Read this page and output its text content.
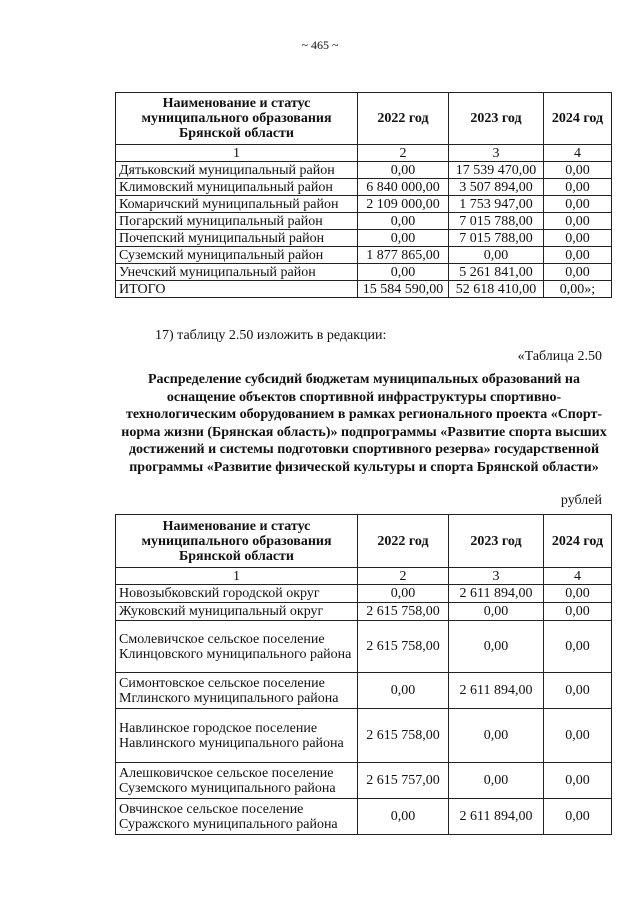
~ 465 ~
Наименование и статус муниципального образования Брянской области	2022 год	2023 год	2024 год
1	2	3	4
Дятьковский муниципальный район	0,00	17 539 470,00	0,00
Климовский муниципальный район	6 840 000,00	3 507 894,00	0,00
Комаричский муниципальный район	2 109 000,00	1 753 947,00	0,00
Погарский муниципальный район	0,00	7 015 788,00	0,00
Почепский муниципальный район	0,00	7 015 788,00	0,00
Суземский муниципальный район	1 877 865,00	0,00	0,00
Унечский муниципальный район	0,00	5 261 841,00	0,00
ИТОГО	15 584 590,00	52 618 410,00	0,00»;
17) таблицу 2.50 изложить в редакции:
«Таблица 2.50
Распределение субсидий бюджетам муниципальных образований на оснащение объектов спортивной инфраструктуры спортивно-технологическим оборудованием в рамках регионального проекта «Спорт-норма жизни (Брянская область)» подпрограммы «Развитие спорта высших достижений и системы подготовки спортивного резерва» государственной программы «Развитие физической культуры и спорта Брянской области»
рублей
Наименование и статус муниципального образования Брянской области	2022 год	2023 год	2024 год
1	2	3	4
Новозыбковский городской округ	0,00	2 611 894,00	0,00
Жуковский муниципальный округ	2 615 758,00	0,00	0,00
Смолевичское сельское поселение Клинцовского муниципального района	2 615 758,00	0,00	0,00
Симонтовское сельское поселение Мглинского муниципального района	0,00	2 611 894,00	0,00
Навлинское городское поселение Навлинского муниципального района	2 615 758,00	0,00	0,00
Алешковичское сельское поселение Суземского муниципального района	2 615 757,00	0,00	0,00
Овчинское сельское поселение Суражского муниципального района	0,00	2 611 894,00	0,00
